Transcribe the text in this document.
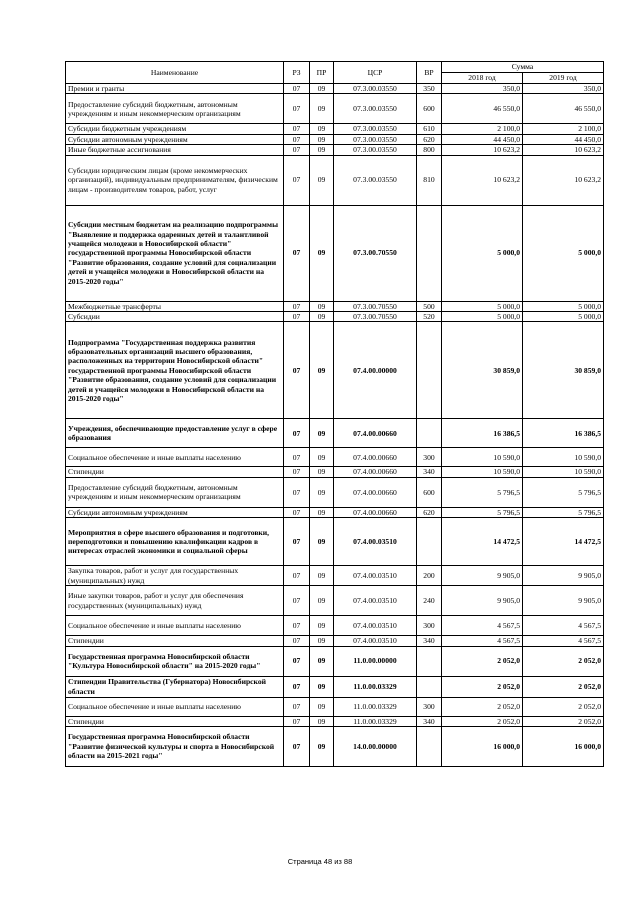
Наименование	РЗ	ПР	ЦСР	ВР	Сумма	
					2018 год	2019 год
Премии и гранты	07	09	07.3.00.03550	350	350,0	350,0
Предоставление субсидий бюджетным, автономным учреждениям и иным некоммерческим организациям	07	09	07.3.00.03550	600	46 550,0	46 550,0
Субсидии бюджетным учреждениям	07	09	07.3.00.03550	610	2 100,0	2 100,0
Субсидии автономным учреждениям	07	09	07.3.00.03550	620	44 450,0	44 450,0
Иные бюджетные ассигнования	07	09	07.3.00.03550	800	10 623,2	10 623,2
Субсидии юридическим лицам (кроме некоммерческих организаций), индивидуальным предпринимателям, физическим лицам - производителям товаров, работ, услуг	07	09	07.3.00.03550	810	10 623,2	10 623,2
Субсидии местным бюджетам на реализацию подпрограммы "Выявление и поддержка одаренных детей и талантливой учащейся молодежи в Новосибирской области" государственной программы Новосибирской области "Развитие образования, создание условий для социализации детей и учащейся молодежи в Новосибирской области на 2015-2020 годы"	07	09	07.3.00.70550		5 000,0	5 000,0
Межбюджетные трансферты	07	09	07.3.00.70550	500	5 000,0	5 000,0
Субсидии	07	09	07.3.00.70550	520	5 000,0	5 000,0
Подпрограмма "Государственная поддержка развития образовательных организаций высшего образования, расположенных на территории Новосибирской области" государственной программы Новосибирской области "Развитие образования, создание условий для социализации детей и учащейся молодежи в Новосибирской области на 2015-2020 годы"	07	09	07.4.00.00000		30 859,0	30 859,0
Учреждения, обеспечивающие предоставление услуг в сфере образования	07	09	07.4.00.00660		16 386,5	16 386,5
Социальное обеспечение и иные выплаты населению	07	09	07.4.00.00660	300	10 590,0	10 590,0
Стипендии	07	09	07.4.00.00660	340	10 590,0	10 590,0
Предоставление субсидий бюджетным, автономным учреждениям и иным некоммерческим организациям	07	09	07.4.00.00660	600	5 796,5	5 796,5
Субсидии автономным учреждениям	07	09	07.4.00.00660	620	5 796,5	5 796,5
Мероприятия в сфере высшего образования и подготовки, переподготовки и повышению квалификации кадров в интересах отраслей экономики и социальной сферы	07	09	07.4.00.03510		14 472,5	14 472,5
Закупка товаров, работ и услуг для государственных (муниципальных) нужд	07	09	07.4.00.03510	200	9 905,0	9 905,0
Иные закупки товаров, работ и услуг для обеспечения государственных (муниципальных) нужд	07	09	07.4.00.03510	240	9 905,0	9 905,0
Социальное обеспечение и иные выплаты населению	07	09	07.4.00.03510	300	4 567,5	4 567,5
Стипендии	07	09	07.4.00.03510	340	4 567,5	4 567,5
Государственная программа Новосибирской области "Культура Новосибирской области" на 2015-2020 годы"	07	09	11.0.00.00000		2 052,0	2 052,0
Стипендии Правительства (Губернатора) Новосибирской области	07	09	11.0.00.03329		2 052,0	2 052,0
Социальное обеспечение и иные выплаты населению	07	09	11.0.00.03329	300	2 052,0	2 052,0
Стипендии	07	09	11.0.00.03329	340	2 052,0	2 052,0
Государственная программа Новосибирской области "Развитие физической культуры и спорта в Новосибирской области на 2015-2021 годы"	07	09	14.0.00.00000		16 000,0	16 000,0
Страница 48 из 88
